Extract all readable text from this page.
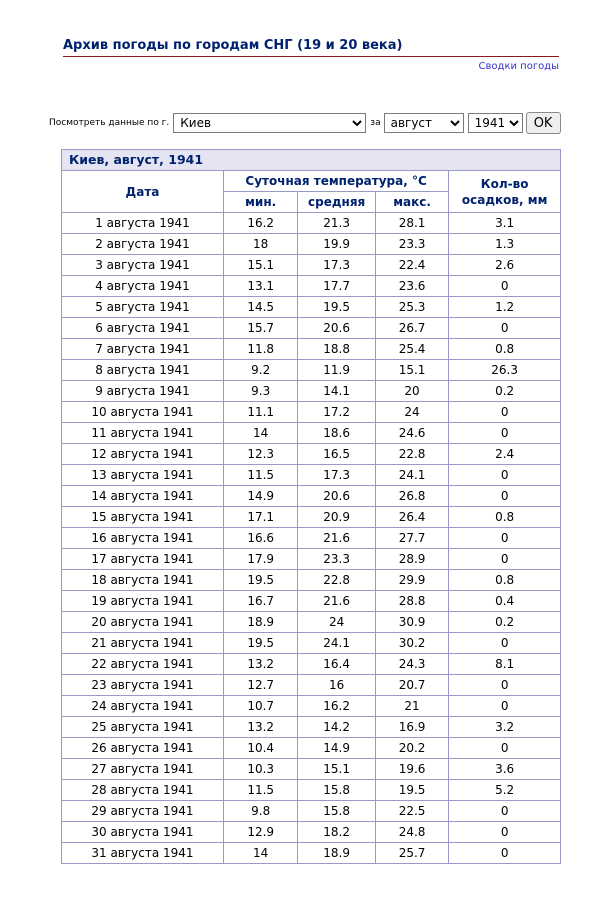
Архив погоды по городам СНГ (19 и 20 века)
Сводки погоды
Посмотреть данные по г.
Киев	за
август
1941	OK
Киев, август, 1941				
Дата	Суточная температура, °С			Кол-во осадков, мм
	мин.	средняя	макс.	
1 августа 1941	16.2	21.3	28.1	3.1
2 августа 1941	18	19.9	23.3	1.3
3 августа 1941	15.1	17.3	22.4	2.6
4 августа 1941	13.1	17.7	23.6	0
5 августа 1941	14.5	19.5	25.3	1.2
6 августа 1941	15.7	20.6	26.7	0
7 августа 1941	11.8	18.8	25.4	0.8
8 августа 1941	9.2	11.9	15.1	26.3
9 августа 1941	9.3	14.1	20	0.2
10 августа 1941	11.1	17.2	24	0
11 августа 1941	14	18.6	24.6	0
12 августа 1941	12.3	16.5	22.8	2.4
13 августа 1941	11.5	17.3	24.1	0
14 августа 1941	14.9	20.6	26.8	0
15 августа 1941	17.1	20.9	26.4	0.8
16 августа 1941	16.6	21.6	27.7	0
17 августа 1941	17.9	23.3	28.9	0
18 августа 1941	19.5	22.8	29.9	0.8
19 августа 1941	16.7	21.6	28.8	0.4
20 августа 1941	18.9	24	30.9	0.2
21 августа 1941	19.5	24.1	30.2	0
22 августа 1941	13.2	16.4	24.3	8.1
23 августа 1941	12.7	16	20.7	0
24 августа 1941	10.7	16.2	21	0
25 августа 1941	13.2	14.2	16.9	3.2
26 августа 1941	10.4	14.9	20.2	0
27 августа 1941	10.3	15.1	19.6	3.6
28 августа 1941	11.5	15.8	19.5	5.2
29 августа 1941	9.8	15.8	22.5	0
30 августа 1941	12.9	18.2	24.8	0
31 августа 1941	14	18.9	25.7	0
